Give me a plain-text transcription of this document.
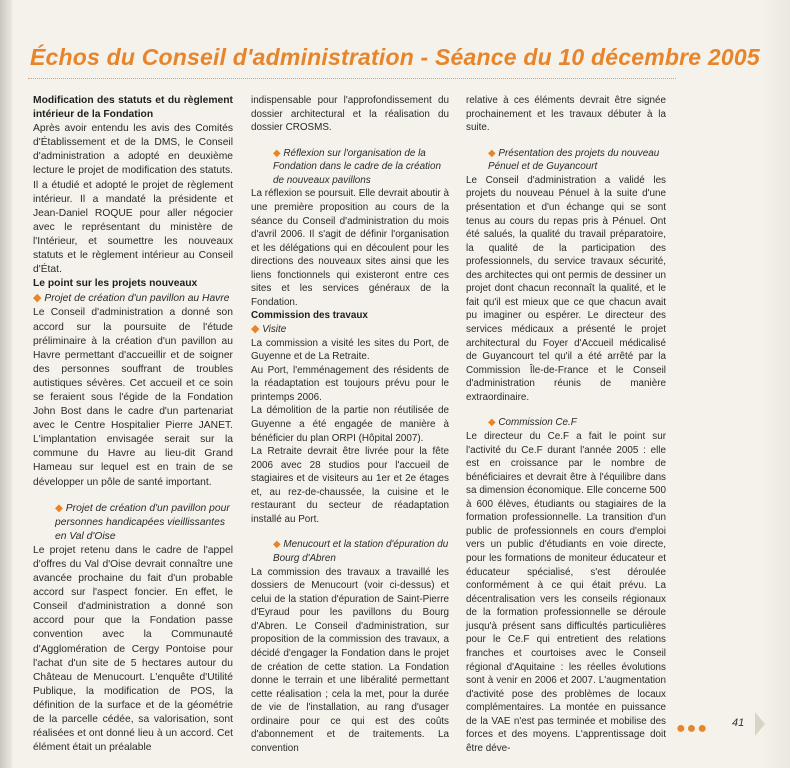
Échos du Conseil d'administration - Séance du 10 décembre 2005

Modification des statuts et du règlement intérieur de la Fondation

Après avoir entendu les avis des Comités d'Établissement et de la DMS, le Conseil d'administration a adopté en deuxième lecture le projet de modification des statuts. Il a étudié et adopté le projet de règlement intérieur. Il a mandaté la présidente et Jean-Daniel ROQUE pour aller négocier avec le représentant du ministère de l'Intérieur, et soumettre les nouveaux statuts et le règlement intérieur au Conseil d'État.

Le point sur les projets nouveaux

◆ Projet de création d'un pavillon au Havre

Le Conseil d'administration a donné son accord sur la poursuite de l'étude préliminaire à la création d'un pavillon au Havre permettant d'accueillir et de soigner des personnes souffrant de troubles autistiques sévères. Cet accueil et ce soin se feraient sous l'égide de la Fondation John Bost dans le cadre d'un partenariat avec le Centre Hospitalier Pierre JANET. L'implantation envisagée serait sur la commune du Havre au lieu-dit Grand Hameau sur lequel est en train de se développer un pôle de santé important.

◆ Projet de création d'un pavillon pour personnes handicapées vieillissantes en Val d'Oise

Le projet retenu dans le cadre de l'appel d'offres du Val d'Oise devrait connaître une avancée prochaine du fait d'un probable accord sur l'aspect foncier. En effet, le Conseil d'administration a donné son accord pour que la Fondation passe convention avec la Communauté d'Agglomération de Cergy Pontoise pour l'achat d'un site de 5 hectares autour du Château de Menucourt. L'enquête d'Utilité Publique, la modification de POS, la définition de la surface et de la géométrie de la parcelle cédée, sa valorisation, sont réalisées et ont donné lieu à un accord. Cet élément était un préalable

indispensable pour l'approfondissement du dossier architectural et la réalisation du dossier CROSMS.

◆ Réflexion sur l'organisation de la Fondation dans le cadre de la création de nouveaux pavillons

La réflexion se poursuit. Elle devrait aboutir à une première proposition au cours de la séance du Conseil d'administration du mois d'avril 2006. Il s'agit de définir l'organisation et les délégations qui en découlent pour les directions des nouveaux sites ainsi que les liens fonctionnels qui existeront entre ces sites et les services généraux de la Fondation.

Commission des travaux

◆ Visite

La commission a visité les sites du Port, de Guyenne et de La Retraite.

Au Port, l'emménagement des résidents de la réadaptation est toujours prévu pour le printemps 2006.

La démolition de la partie non réutilisée de Guyenne a été engagée de manière à bénéficier du plan ORPI (Hôpital 2007).

La Retraite devrait être livrée pour la fête 2006 avec 28 studios pour l'accueil de stagiaires et de visiteurs au 1er et 2e étages et, au rez-de-chaussée, la cuisine et le restaurant du secteur de réadaptation installé au Port.

◆ Menucourt et la station d'épuration du Bourg d'Abren

La commission des travaux a travaillé les dossiers de Menucourt (voir ci-dessus) et celui de la station d'épuration de Saint-Pierre d'Eyraud pour les pavillons du Bourg d'Abren. Le Conseil d'administration, sur proposition de la commission des travaux, a décidé d'engager la Fondation dans le projet de création de cette station. La Fondation donne le terrain et une libéralité permettant cette réalisation ; cela la met, pour la durée de vie de l'installation, au rang d'usager ordinaire pour ce qui est des coûts d'abonnement et de traitements. La convention

relative à ces éléments devrait être signée prochainement et les travaux débuter à la suite.

◆ Présentation des projets du nouveau Pénuel et de Guyancourt

Le Conseil d'administration a validé les projets du nouveau Pénuel à la suite d'une présentation et d'un échange qui se sont tenus au cours du repas pris à Pénuel. Ont été salués, la qualité du travail préparatoire, la qualité de la participation des professionnels, du service travaux sécurité, des architectes qui ont permis de dessiner un projet dont chacun reconnaît la qualité, et le fait qu'il est mieux que ce que chacun avait pu imaginer ou espérer. Le directeur des services médicaux a présenté le projet architectural du Foyer d'Accueil médicalisé de Guyancourt tel qu'il a été arrêté par la Commission Île-de-France et le Conseil d'administration réunis de manière extraordinaire.

◆ Commission Ce.F

Le directeur du Ce.F a fait le point sur l'activité du Ce.F durant l'année 2005 : elle est en croissance par le nombre de bénéficiaires et devrait être à l'équilibre dans sa dimension économique. Elle concerne 500 à 600 élèves, étudiants ou stagiaires de la formation professionnelle. La transition d'un public de professionnels en cours d'emploi vers un public d'étudiants en voie directe, pour les formations de moniteur éducateur et éducateur spécialisé, s'est déroulée conformément à ce qui était prévu. La décentralisation vers les conseils régionaux de la formation professionnelle se déroule jusqu'à présent sans difficultés particulières pour le Ce.F qui entretient des relations franches et courtoises avec le Conseil régional d'Aquitaine : les réelles évolutions sont à venir en 2006 et 2007. L'augmentation d'activité pose des problèmes de locaux complémentaires. La montée en puissance de la VAE n'est pas terminée et mobilise des forces et des moyens. L'apprentissage doit être déve-

●●● 41
